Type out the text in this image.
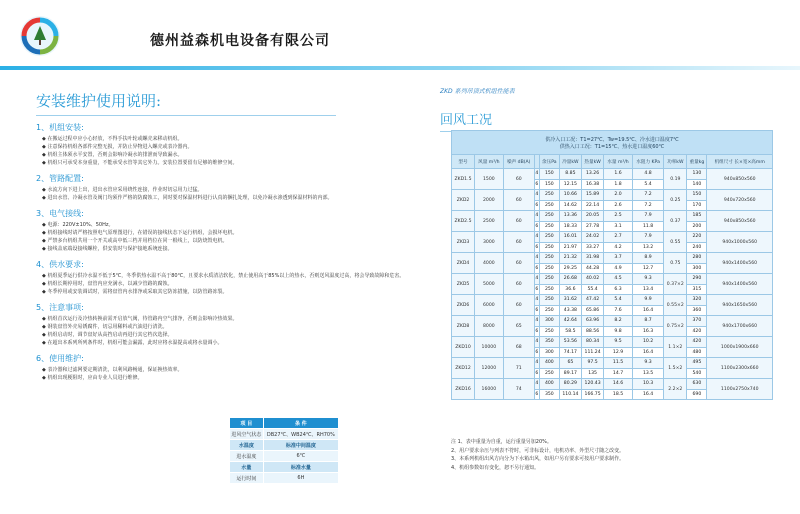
德州益森机电设备有限公司
安装维护使用说明:
1、机组安装:
◆ 在搬运过程中应小心轻放，不得手扶叶轮或螺壳来移动机组。
◆ 注意保持机组各部件完整无损，并防止异物进入螺壳或表冷器内。
◆ 机组主体须水平安置，否则会影响冷凝水的排泄而导致漏水。
◆ 机组只可承受本身重量，不能承受水管等其它外力。安装位置要留有足够的维修空间。
2、管路配置:
◆ 水流方向下进上出，进出水管应采用绕性连接，作业时切忌用力过猛。
◆ 进出水管、冷凝水管及阀门均须作严格的防腐蚀工，同时要对保温材料进行认真的捆扎处理，以免冷凝水渗透到保温材料的内部。
3、电气接线:
◆ 电源：220V±10%、50Hz。
◆ 机组接线时请严格按照电气原理图进行，在错误的接线状态下运行机组，会损坏电机。
◆ 严禁多台机组共用一个开关或高中低三档并用档位在同一根线上，以防烧毁电机。
◆ 接线盖底端设接线螺栓，供安装时与保护接地系统连接。
4、供水要求:
◆ 机组夏季运行供冷水温不低于5℃，冬季供热水温不高于80℃，且要求水质清洁软化，禁止使用高于85%以上的热水，否则送风温度过高，将会导致故障和危害。
◆ 机组长期停用时，盘管内应充满水，以减少管路的腐蚀。
◆ 冬季停用或安装调试时，需将盘管内水排净或采取其它防冻措施，以防管路冻裂。
5、注意事项:
◆ 机组首次运行及冷热转换前需开启放气阀，待管路内空气排净，否则会影响冷热效果。
◆ 钢装盘管外壳易锈腐件，切忌用稀料或汽油进行清洗。
◆ 机组启动时，调节盘好从高挡启动再进行其它档次选择。
◆ 在超出本系列所列条件时，机组可能会漏露，此时应将水温提高或将水量调小。
6、使用维护:
◆ 表冷器和过滤网要定期清洗，以利风路畅通，保证换热效率。
◆ 机组出现梗阻时，应由专业人员进行维修。
项 目	条 件
进风空气状态	DB27℃、WB24℃、RH70%
水温度	标准中间温度
进水温度	6℃
水量	标准水量
运行时间	6H
ZKD 系列吊顶式机组性能表
回风工况
供冷入口工况：T1=27℃、Tw=19.5℃、冷水进口温度7℃
供热入口工况：T1=15℃、热水进口温度60℃											

型号	风量 m³/h	噪声 dB(A)		余压Pa	冷量kW	热量kW	水量 m³/h	水阻力 KPa	功率kW	重量kg	机组尺寸 长×宽×高mm
ZKD1.5	1500	60	4	150	8.85	13.26	1.6	4.8	0.19	130	940x850x560
			6	150	12.15	16.38	1.8	5.4		140	
ZKD2	2000	60	4	250	10.66	15.89	2.0	7.2	0.25	150	940x720x560
			6	250	14.62	22.14	2.6	7.2		170	
ZKD2.5	2500	60	4	250	13.36	20.05	2.5	7.9	0.37	185	940x850x560
			6	250	18.33	27.78	3.1	11.8		200	
ZKD3	3000	60	4	250	16.01	24.02	2.7	7.9	0.55	220	940x1000x560
			6	250	21.97	33.27	4.2	13.2		240	
ZKD4	4000	60	4	250	21.32	31.98	3.7	8.9	0.75	280	940x1400x560
			6	250	29.25	44.28	4.9	12.7		300	
ZKD5	5000	60	4	250	26.68	40.02	4.5	9.3	0.37×2	290	940x1400x560
			6	250	36.6	55.4	6.3	13.4		315	
ZKD6	6000	60	4	250	31.62	47.42	5.4	9.9	0.55×2	320	940x1650x560
			6	250	43.38	65.86	7.6	16.4		360	
ZKD8	8000	65	4	300	42.64	63.96	8.2	8.7	0.75×2	370	940x1700x660
			6	250	58.5	88.56	9.8	16.3		420	
ZKD10	10000	68	4	350	53.56	80.34	9.5	10.2	1.1×2	420	1000x1900x660
			6	300	74.17	111.24	12.9	16.4		480	
ZKD12	12000	71	4	400	65	97.5	11.5	9.3	1.5×2	495	1100x2300x660
			6	250	89.17	135	14.7	13.5		540	
ZKD16	16000	74	4	400	80.29	120.43	14.6	10.3	2.2×2	630	1100x2750x740
			6	350	110.14	166.75	18.5	16.4		690	
注 1、表中重量为自重，运行重量另加20%。
2、用户要求余压与列表不符时，可非标设计，电机功率、外型尺寸随之改变。
3、本系列机组出风方向分为下水箱出风，如用户另有要求可按用户要求制作。
4、机组参数如有变化，恕不另行通知。
